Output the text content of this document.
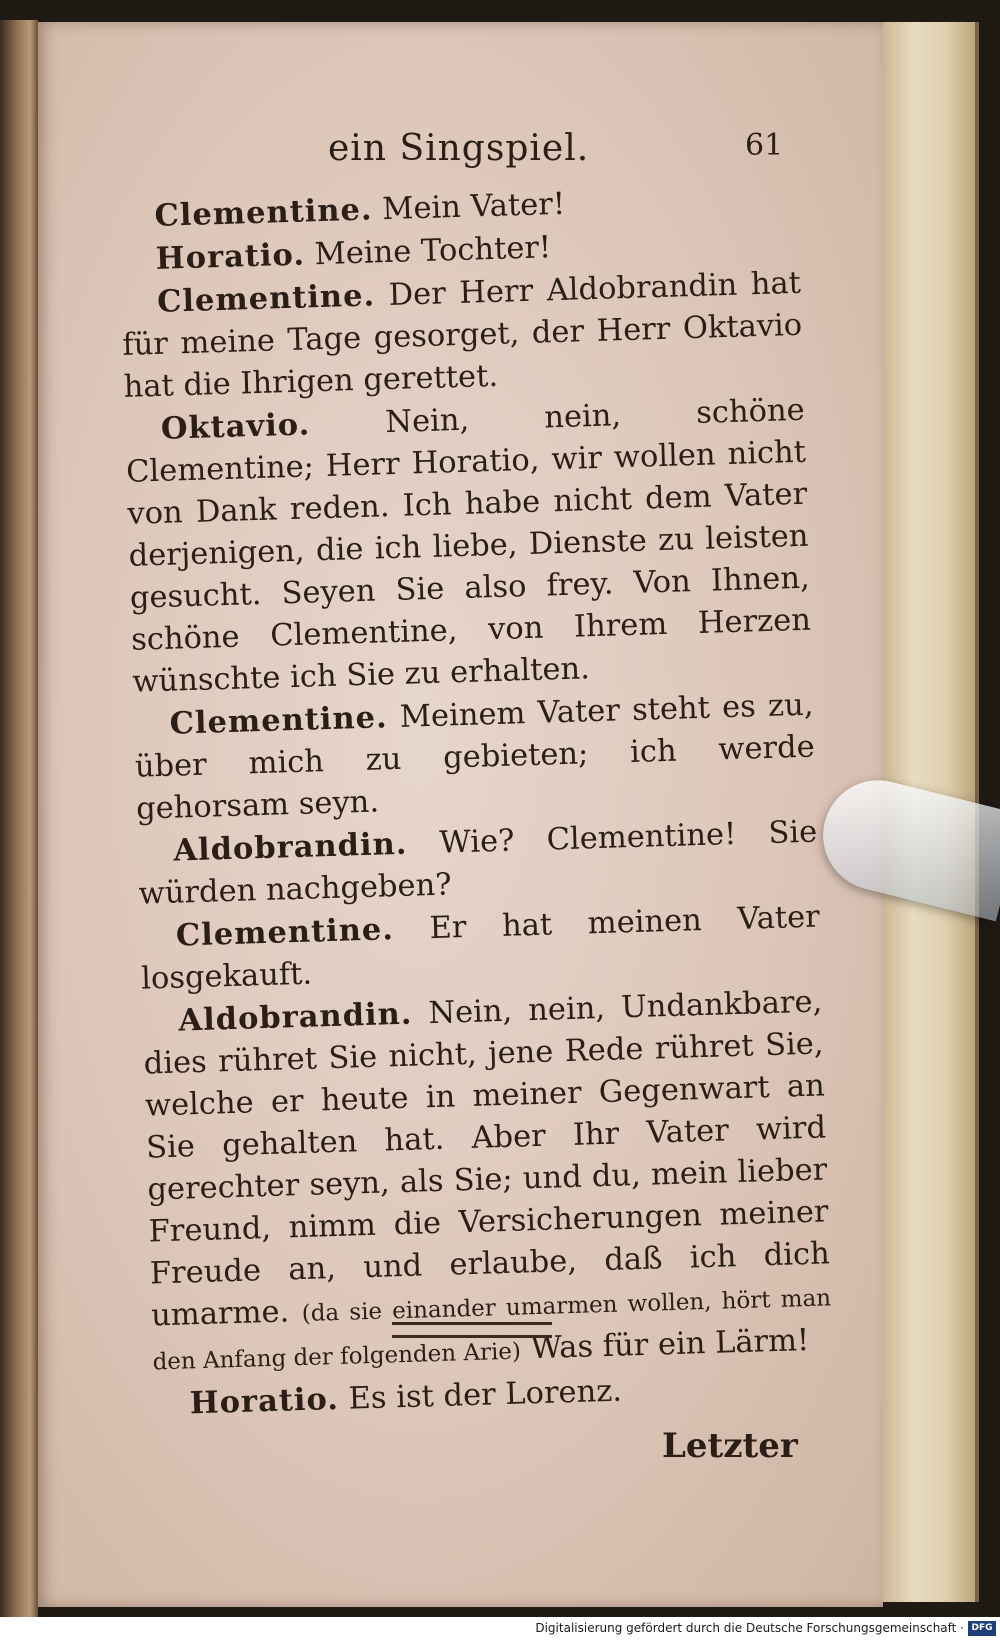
ein Singspiel.	61

Clementine. Mein Vater!

Horatio. Meine Tochter!

Clementine. Der Herr Aldobrandin hat für meine Tage gesorget, der Herr Oktavio hat die Ihrigen gerettet.

Oktavio. Nein, nein, schöne Clementine; Herr Horatio, wir wollen nicht von Dank reden. Ich habe nicht dem Vater derjenigen, die ich liebe, Dienste zu leisten gesucht. Seyen Sie also frey. Von Ihnen, schöne Clementine, von Ihrem Herzen wünschte ich Sie zu erhalten.

Clementine. Meinem Vater steht es zu, über mich zu gebieten; ich werde gehorsam seyn.

Aldobrandin. Wie? Clementine! Sie würden nachgeben?

Clementine. Er hat meinen Vater losgekauft.

Aldobrandin. Nein, nein, Undankbare, dies rühret Sie nicht, jene Rede rühret Sie, welche er heute in meiner Gegenwart an Sie gehalten hat. Aber Ihr Vater wird gerechter seyn, als Sie; und du, mein lieber Freund, nimm die Versicherungen meiner Freude an, und erlaube, daß ich dich umarme. (da sie einander umarmen wollen, hört man den Anfang der folgenden Arie) Was für ein Lärm!

Horatio. Es ist der Lorenz.

Letzter
Digitalisierung gefördert durch die Deutsche Forschungsgemeinschaft · DFG
